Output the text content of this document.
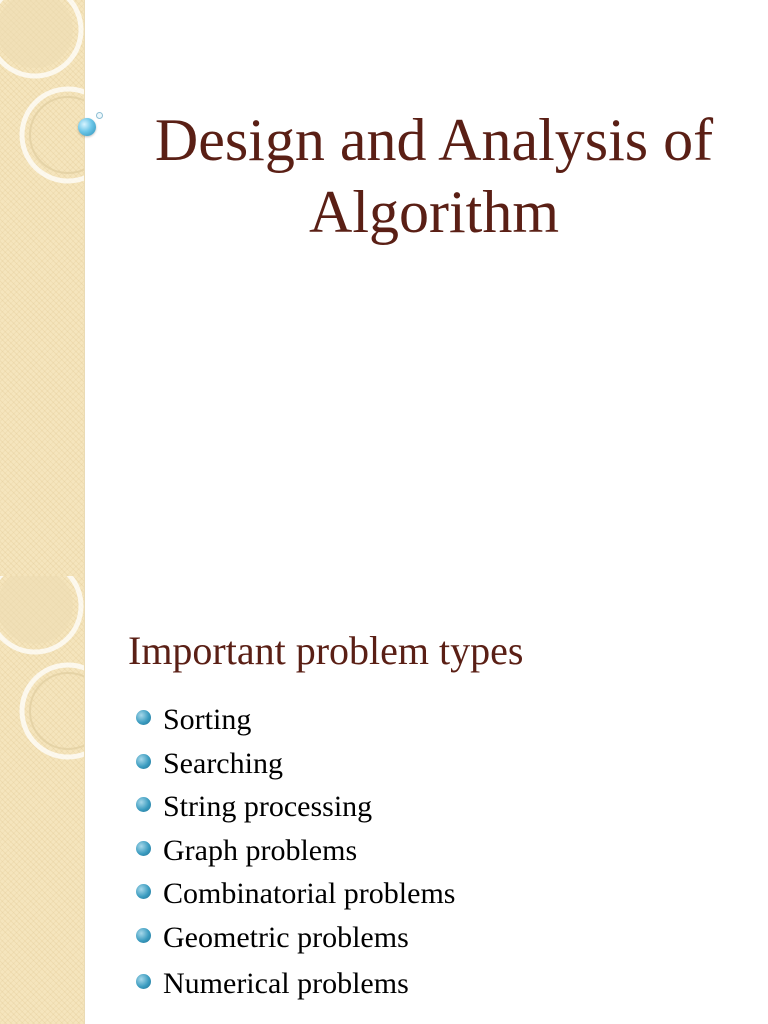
Design and Analysis of Algorithm
Important problem types
Sorting
Searching
String processing
Graph problems
Combinatorial problems
Geometric problems
Numerical problems
